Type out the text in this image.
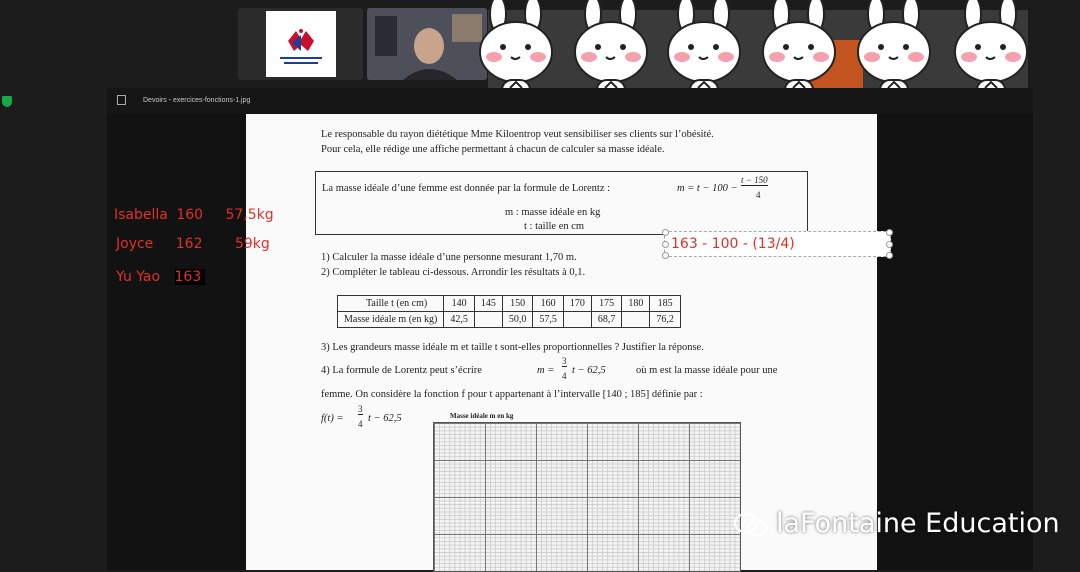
Devoirs - exercices-fonctions-1.jpg
Le responsable du rayon diététique Mme Kiloentrop veut sensibiliser ses clients sur l’obésité.
Pour cela, elle rédige une affiche permettant à chacun de calculer sa masse idéale.
La masse idéale d’une femme est donnée par la formule de Lorentz :	m = t − 100 −
t − 150
4
m : masse idéale en kg
t : taille en cm
1) Calculer la masse idéale d’une personne mesurant 1,70 m.
2) Compléter le tableau ci-dessous. Arrondir les résultats à 0,1.
Taille t (en cm)	140	145	150	160	170	175	180	185
Masse idéale m (en kg)	42,5		50,0	57,5		68,7		76,2
3) Les grandeurs masse idéale m et taille t sont-elles proportionnelles ? Justifier la réponse.
4) La formule de Lorentz peut s’écrire	m =
3
4 t − 62,5	où m est la masse idéale pour une
femme. On considère la fonction f pour t appartenant à l’intervalle [140 ; 185] définie par :
f(t) =
3
4 t − 62,5	Masse idéale m en kg
Isabella 160 57,5kg
Joyce 162 59kg
Yu Yao 163
163 - 100 - (13/4)
laFontaine Education
